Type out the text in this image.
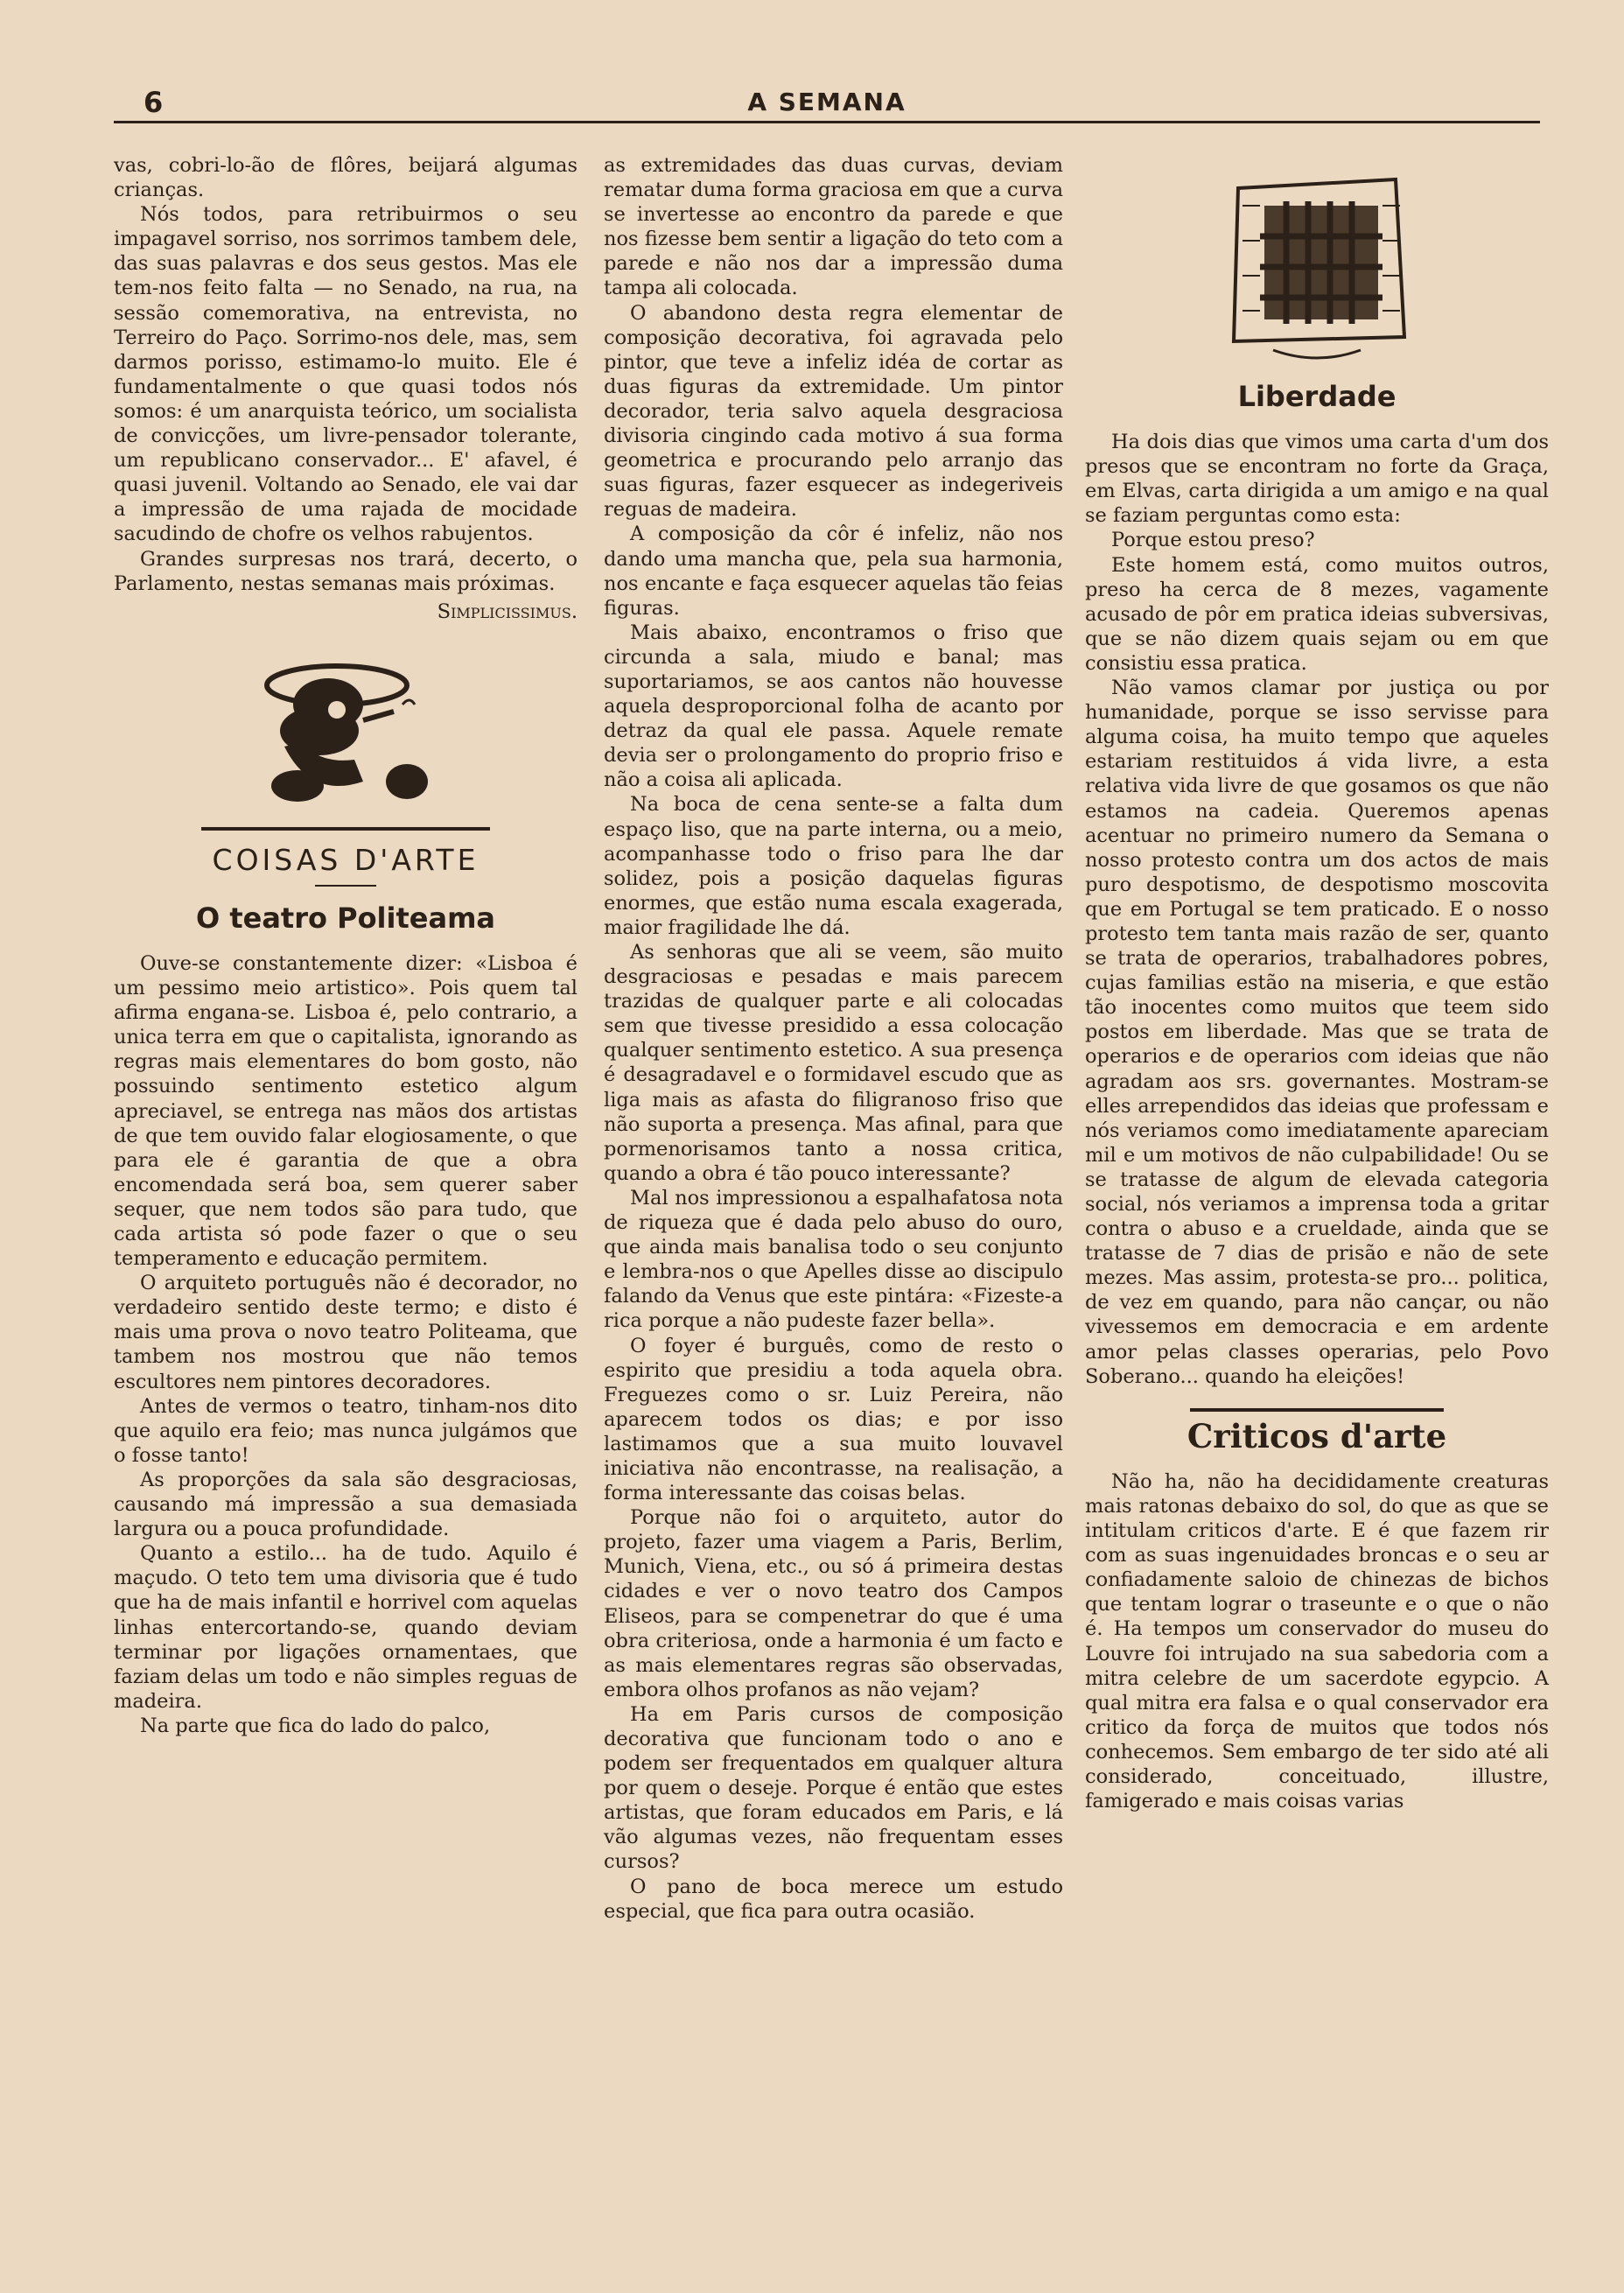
6	A SEMANA

vas, cobri-lo-ão de flôres, beijará algumas crianças.

Nós todos, para retribuirmos o seu impagavel sorriso, nos sorrimos tambem dele, das suas palavras e dos seus gestos. Mas ele tem-nos feito falta — no Senado, na rua, na sessão comemorativa, na entrevista, no Terreiro do Paço. Sorrimo-nos dele, mas, sem darmos porisso, estimamo-lo muito. Ele é fundamentalmente o que quasi todos nós somos: é um anarquista teórico, um socialista de convicções, um livre-pensador tolerante, um republicano conservador... E' afavel, é quasi juvenil. Voltando ao Senado, ele vai dar a impressão de uma rajada de mocidade sacudindo de chofre os velhos rabujentos.

Grandes surpresas nos trará, decerto, o Parlamento, nestas semanas mais próximas.

Simplicissimus.

COISAS D'ARTE
O teatro Politeama

Ouve-se constantemente dizer: «Lisboa é um pessimo meio artistico». Pois quem tal afirma engana-se. Lisboa é, pelo contrario, a unica terra em que o capitalista, ignorando as regras mais elementares do bom gosto, não possuindo sentimento estetico algum apreciavel, se entrega nas mãos dos artistas de que tem ouvido falar elogiosamente, o que para ele é garantia de que a obra encomendada será boa, sem querer saber sequer, que nem todos são para tudo, que cada artista só pode fazer o que o seu temperamento e educação permitem.

O arquiteto português não é decorador, no verdadeiro sentido deste termo; e disto é mais uma prova o novo teatro Politeama, que tambem nos mostrou que não temos escultores nem pintores decoradores.

Antes de vermos o teatro, tinham-nos dito que aquilo era feio; mas nunca julgámos que o fosse tanto!

As proporções da sala são desgraciosas, causando má impressão a sua demasiada largura ou a pouca profundidade.

Quanto a estilo... ha de tudo. Aquilo é maçudo. O teto tem uma divisoria que é tudo que ha de mais infantil e horrivel com aquelas linhas entercortando-se, quando deviam terminar por ligações ornamentaes, que faziam delas um todo e não simples reguas de madeira.

Na parte que fica do lado do palco,

as extremidades das duas curvas, deviam rematar duma forma graciosa em que a curva se invertesse ao encontro da parede e que nos fizesse bem sentir a ligação do teto com a parede e não nos dar a impressão duma tampa ali colocada.

O abandono desta regra elementar de composição decorativa, foi agravada pelo pintor, que teve a infeliz idéa de cortar as duas figuras da extremidade. Um pintor decorador, teria salvo aquela desgraciosa divisoria cingindo cada motivo á sua forma geometrica e procurando pelo arranjo das suas figuras, fazer esquecer as indegeriveis reguas de madeira.

A composição da côr é infeliz, não nos dando uma mancha que, pela sua harmonia, nos encante e faça esquecer aquelas tão feias figuras.

Mais abaixo, encontramos o friso que circunda a sala, miudo e banal; mas suportariamos, se aos cantos não houvesse aquela desproporcional folha de acanto por detraz da qual ele passa. Aquele remate devia ser o prolongamento do proprio friso e não a coisa ali aplicada.

Na boca de cena sente-se a falta dum espaço liso, que na parte interna, ou a meio, acompanhasse todo o friso para lhe dar solidez, pois a posição daquelas figuras enormes, que estão numa escala exagerada, maior fragilidade lhe dá.

As senhoras que ali se veem, são muito desgraciosas e pesadas e mais parecem trazidas de qualquer parte e ali colocadas sem que tivesse presidido a essa colocação qualquer sentimento estetico. A sua presença é desagradavel e o formidavel escudo que as liga mais as afasta do filigranoso friso que não suporta a presença. Mas afinal, para que pormenorisamos tanto a nossa critica, quando a obra é tão pouco interessante?

Mal nos impressionou a espalhafatosa nota de riqueza que é dada pelo abuso do ouro, que ainda mais banalisa todo o seu conjunto e lembra-nos o que Apelles disse ao discipulo falando da Venus que este pintára: «Fizeste-a rica porque a não pudeste fazer bella».

O foyer é burguês, como de resto o espirito que presidiu a toda aquela obra. Freguezes como o sr. Luiz Pereira, não aparecem todos os dias; e por isso lastimamos que a sua muito louvavel iniciativa não encontrasse, na realisação, a forma interessante das coisas belas.

Porque não foi o arquiteto, autor do projeto, fazer uma viagem a Paris, Berlim, Munich, Viena, etc., ou só á primeira destas cidades e ver o novo teatro dos Campos Eliseos, para se compenetrar do que é uma obra criteriosa, onde a harmonia é um facto e as mais elementares regras são observadas, embora olhos profanos as não vejam?

Ha em Paris cursos de composição decorativa que funcionam todo o ano e podem ser frequentados em qualquer altura por quem o deseje. Porque é então que estes artistas, que foram educados em Paris, e lá vão algumas vezes, não frequentam esses cursos?

O pano de boca merece um estudo especial, que fica para outra ocasião.

Liberdade

Ha dois dias que vimos uma carta d'um dos presos que se encontram no forte da Graça, em Elvas, carta dirigida a um amigo e na qual se faziam perguntas como esta:

Porque estou preso?

Este homem está, como muitos outros, preso ha cerca de 8 mezes, vagamente acusado de pôr em pratica ideias subversivas, que se não dizem quais sejam ou em que consistiu essa pratica.

Não vamos clamar por justiça ou por humanidade, porque se isso servisse para alguma coisa, ha muito tempo que aqueles estariam restituidos á vida livre, a esta relativa vida livre de que gosamos os que não estamos na cadeia. Queremos apenas acentuar no primeiro numero da Semana o nosso protesto contra um dos actos de mais puro despotismo, de despotismo moscovita que em Portugal se tem praticado. E o nosso protesto tem tanta mais razão de ser, quanto se trata de operarios, trabalhadores pobres, cujas familias estão na miseria, e que estão tão inocentes como muitos que teem sido postos em liberdade. Mas que se trata de operarios e de operarios com ideias que não agradam aos srs. governantes. Mostram-se elles arrependidos das ideias que professam e nós veriamos como imediatamente apareciam mil e um motivos de não culpabilidade! Ou se se tratasse de algum de elevada categoria social, nós veriamos a imprensa toda a gritar contra o abuso e a crueldade, ainda que se tratasse de 7 dias de prisão e não de sete mezes. Mas assim, protesta-se pro... politica, de vez em quando, para não cançar, ou não vivessemos em democracia e em ardente amor pelas classes operarias, pelo Povo Soberano... quando ha eleições!

Criticos d'arte

Não ha, não ha decididamente creaturas mais ratonas debaixo do sol, do que as que se intitulam criticos d'arte. E é que fazem rir com as suas ingenuidades broncas e o seu ar confiadamente saloio de chinezas de bichos que tentam lograr o traseunte e o que o não é. Ha tempos um conservador do museu do Louvre foi intrujado na sua sabedoria com a mitra celebre de um sacerdote egypcio. A qual mitra era falsa e o qual conservador era critico da força de muitos que todos nós conhecemos. Sem embargo de ter sido até ali considerado, conceituado, illustre, famigerado e mais coisas varias
